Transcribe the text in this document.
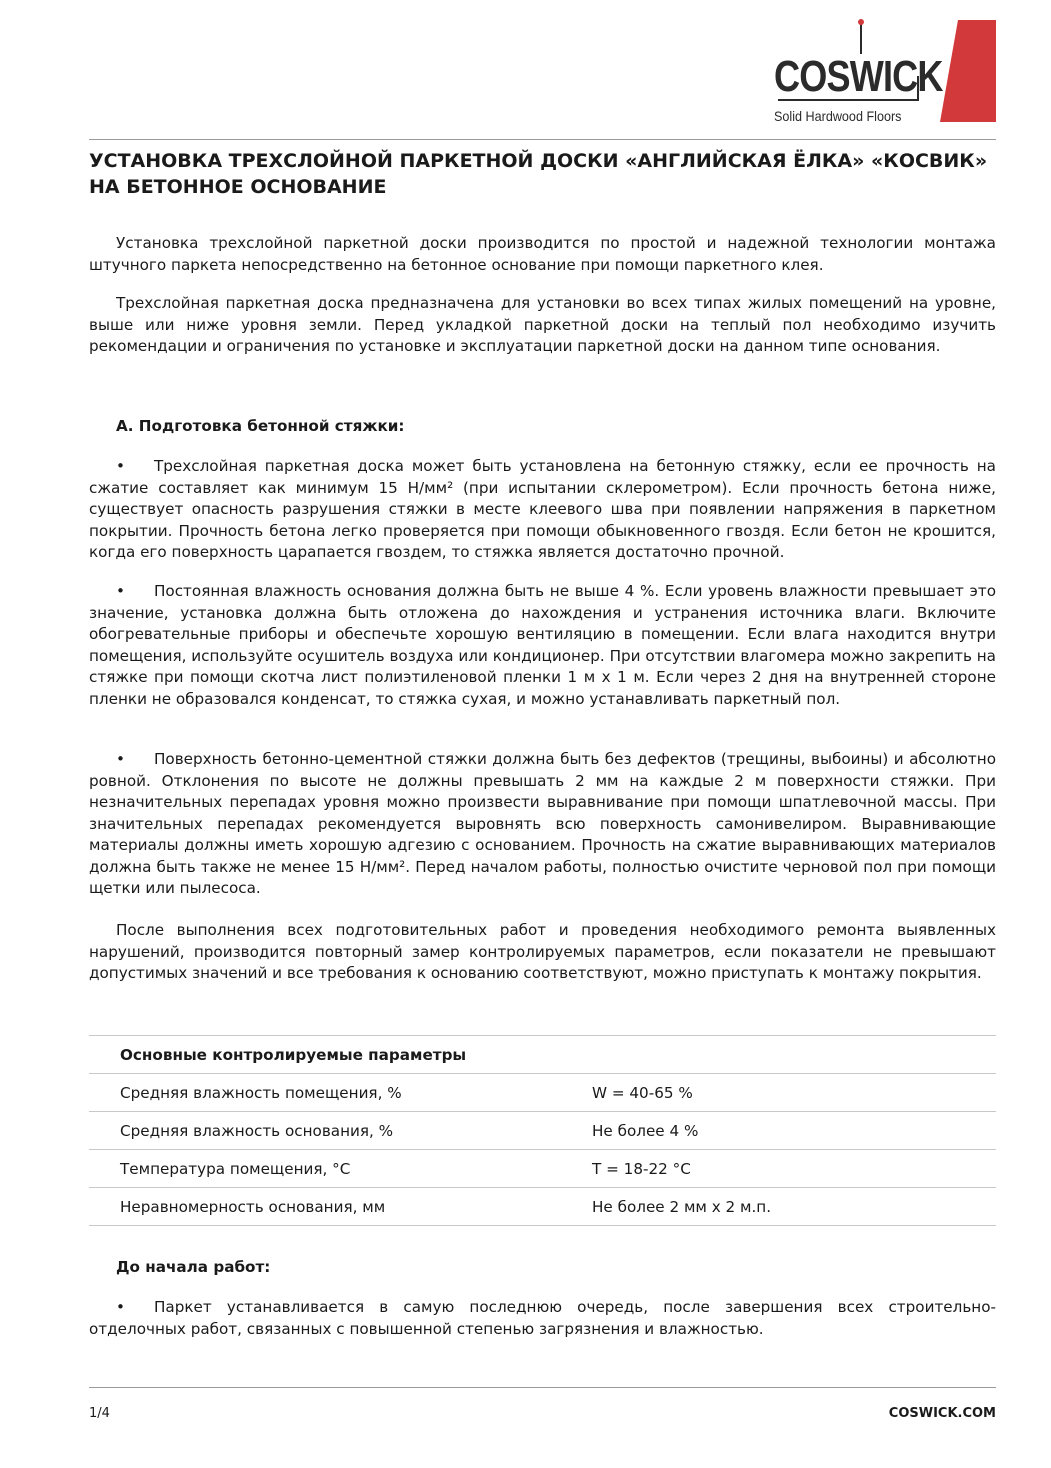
COSWICK
Solid Hardwood Floors
УСТАНОВКА ТРЕХСЛОЙНОЙ ПАРКЕТНОЙ ДОСКИ «АНГЛИЙСКАЯ ЁЛКА» «КОСВИК» НА БЕТОННОЕ ОСНОВАНИЕ

Установка трехслойной паркетной доски производится по простой и надежной технологии монтажа штучного паркета непосредственно на бетонное основание при помощи паркетного клея.

Трехслойная паркетная доска предназначена для установки во всех типах жилых помещений на уровне, выше или ниже уровня земли. Перед укладкой паркетной доски на теплый пол необходимо изучить рекомендации и ограничения по установке и эксплуатации паркетной доски на данном типе основания.

А. Подготовка бетонной стяжки:

• Трехслойная паркетная доска может быть установлена на бетонную стяжку, если ее прочность на сжатие составляет как минимум 15 Н/мм² (при испытании склерометром). Если прочность бетона ниже, существует опасность разрушения стяжки в месте клеевого шва при появлении напряжения в паркетном покрытии. Прочность бетона легко проверяется при помощи обыкновенного гвоздя. Если бетон не крошится, когда его поверхность царапается гвоздем, то стяжка является достаточно прочной.

• Постоянная влажность основания должна быть не выше 4 %. Если уровень влажности превышает это значение, установка должна быть отложена до нахождения и устранения источника влаги. Включите обогревательные приборы и обеспечьте хорошую вентиляцию в помещении. Если влага находится внутри помещения, используйте осушитель воздуха или кондиционер. При отсутствии влагомера можно закрепить на стяжке при помощи скотча лист полиэтиленовой пленки 1 м х 1 м. Если через 2 дня на внутренней стороне пленки не образовался конденсат, то стяжка сухая, и можно устанавливать паркетный пол.

• Поверхность бетонно-цементной стяжки должна быть без дефектов (трещины, выбоины) и абсолютно ровной. Отклонения по высоте не должны превышать 2 мм на каждые 2 м поверхности стяжки. При незначительных перепадах уровня можно произвести выравнивание при помощи шпатлевочной массы. При значительных перепадах рекомендуется выровнять всю поверхность самонивелиром. Выравнивающие материалы должны иметь хорошую адгезию с основанием. Прочность на сжатие выравнивающих материалов должна быть также не менее 15 Н/мм². Перед началом работы, полностью очистите черновой пол при помощи щетки или пылесоса.

После выполнения всех подготовительных работ и проведения необходимого ремонта выявленных нарушений, производится повторный замер контролируемых параметров, если показатели не превышают допустимых значений и все требования к основанию соответствуют, можно приступать к монтажу покрытия.

Основные контролируемые параметры	
Средняя влажность помещения, %	W = 40-65 %
Средняя влажность основания, %	Не более 4 %
Температура помещения, °С	T = 18-22 °С
Неравномерность основания, мм	Не более 2 мм х 2 м.п.
До начала работ:

• Паркет устанавливается в самую последнюю очередь, после завершения всех строительно-отделочных работ, связанных с повышенной степенью загрязнения и влажностью.

1/4	COSWICK.COM
